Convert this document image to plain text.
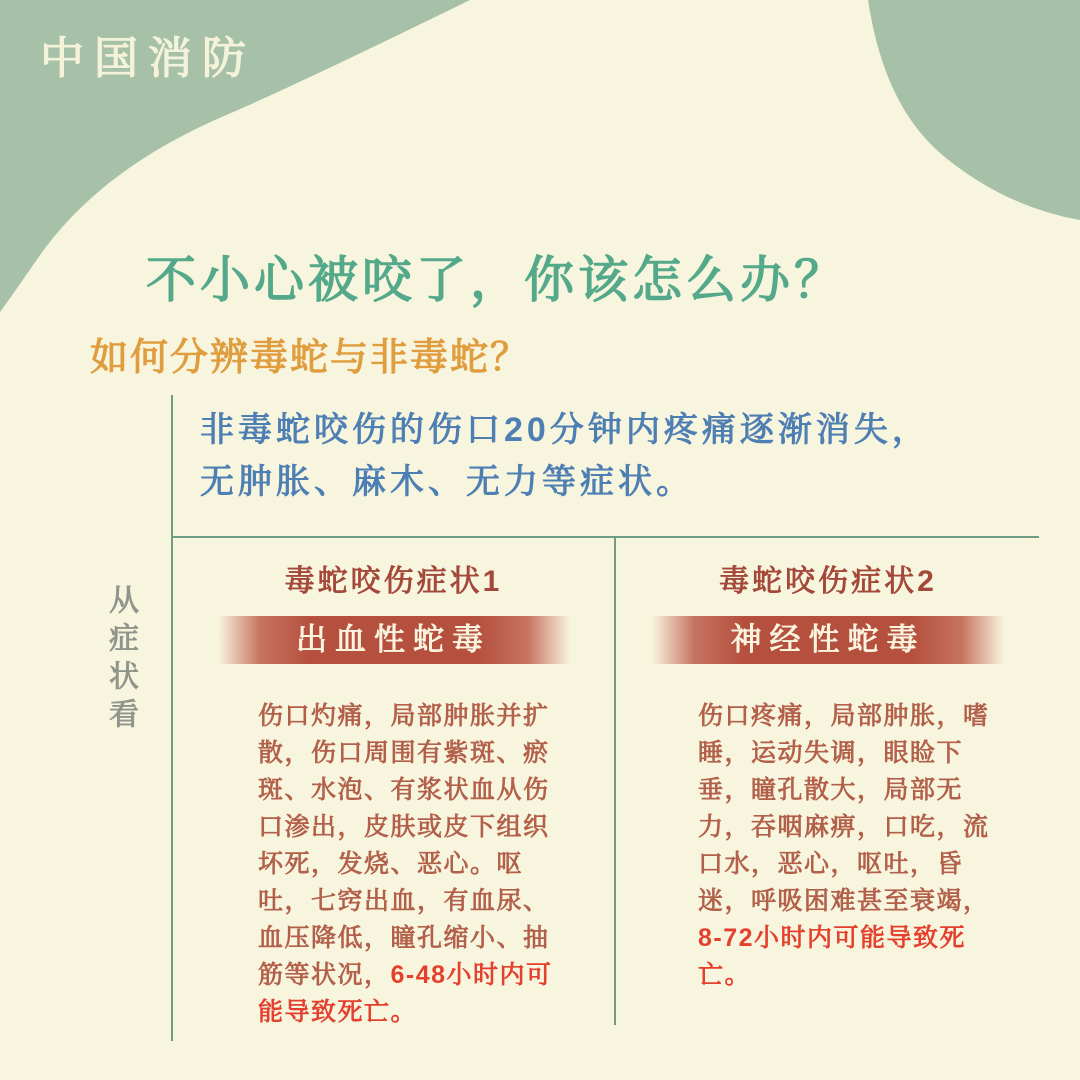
中国消防
不小心被咬了，你该怎么办？
如何分辨毒蛇与非毒蛇？
非毒蛇咬伤的伤口20分钟内疼痛逐渐消失，无肿胀、麻木、无力等症状。
从症状看
毒蛇咬伤症状1
出血性蛇毒

伤口灼痛，局部肿胀并扩散，伤口周围有紫斑、瘀斑、水泡、有浆状血从伤口渗出，皮肤或皮下组织坏死，发烧、恶心。呕吐，七窍出血，有血尿、血压降低，瞳孔缩小、抽筋等状况，6-48小时内可能导致死亡。

毒蛇咬伤症状2
神经性蛇毒

伤口疼痛，局部肿胀，嗜睡，运动失调，眼睑下垂，瞳孔散大，局部无力，吞咽麻痹，口吃，流口水，恶心，呕吐，昏迷，呼吸困难甚至衰竭，8-72小时内可能导致死亡。
